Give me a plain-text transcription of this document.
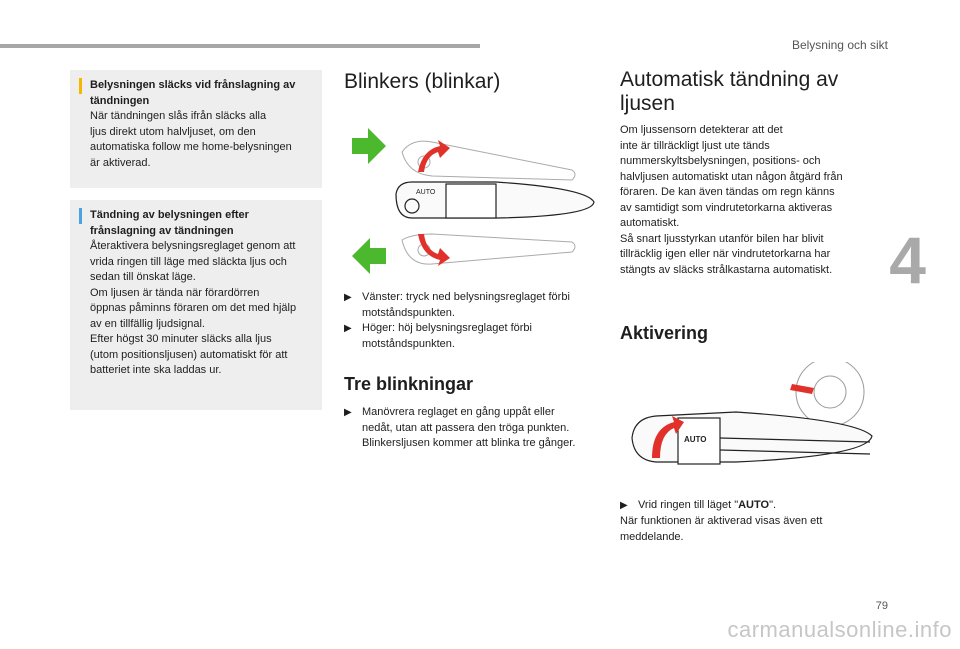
Belysning och sikt
4
79
carmanualsonline.info
Belysningen släcks vid frånslagning av tändningen
När tändningen slås ifrån släcks alla
ljus direkt utom halvljuset, om den
automatiska follow me home-belysningen
är aktiverad.
Tändning av belysningen efter frånslagning av tändningen
Återaktivera belysningsreglaget genom att
vrida ringen till läge med släckta ljus och
sedan till önskat läge.
Om ljusen är tända när förardörren
öppnas påminns föraren om det med hjälp
av en tillfällig ljudsignal.
Efter högst 30 minuter släcks alla ljus
(utom positionsljusen) automatiskt för att
batteriet inte ska laddas ur.
Blinkers (blinkar)
AUTO
▶ Vänster: tryck ned belysningsreglaget förbi
motståndspunkten.
▶ Höger: höj belysningsreglaget förbi
motståndspunkten.
Tre blinkningar
▶ Manövrera reglaget en gång uppåt eller
nedåt, utan att passera den tröga punkten.
Blinkersljusen kommer att blinka tre gånger.
Automatisk tändning av
ljusen
Om ljussensorn detekterar att det
inte är tillräckligt ljust ute tänds
nummerskyltsbelysningen, positions- och
halvljusen automatiskt utan någon åtgärd från
föraren. De kan även tändas om regn känns
av samtidigt som vindrutetorkarna aktiveras
automatiskt.
Så snart ljusstyrkan utanför bilen har blivit
tillräcklig igen eller när vindrutetorkarna har
stängts av släcks strålkastarna automatiskt.
Aktivering
AUTO
▶ Vrid ringen till läget "AUTO".
När funktionen är aktiverad visas även ett
meddelande.
